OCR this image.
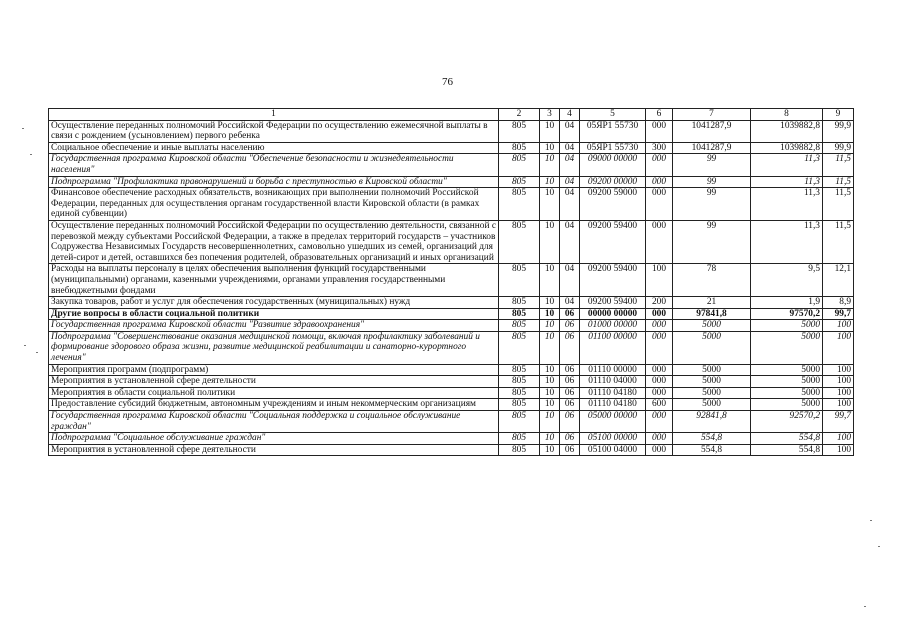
76
1	2	3	4	5	6	7	8	9
Осуществление переданных полномочий Российской Федерации по осуществлению ежемесячной выплаты в связи с рождением (усыновлением) первого ребенка	805	10	04	05ЯР1 55730	000	1041287,9	1039882,8	99,9
Социальное обеспечение и иные выплаты населению	805	10	04	05ЯР1 55730	300	1041287,9	1039882,8	99,9
Государственная программа Кировской области "Обеспечение безопасности и жизнедеятельности населения"	805	10	04	09000 00000	000	99	11,3	11,5
Подпрограмма "Профилактика правонарушений и борьба с преступностью в Кировской области"	805	10	04	09200 00000	000	99	11,3	11,5
Финансовое обеспечение расходных обязательств, возникающих при выполнении полномочий Российской Федерации, переданных для осуществления органам государственной власти Кировской области (в рамках единой субвенции)	805	10	04	09200 59000	000	99	11,3	11,5
Осуществление переданных полномочий Российской Федерации по осуществлению деятельности, связанной с перевозкой между субъектами Российской Федерации, а также в пределах территорий государств – участников Содружества Независимых Государств несовершеннолетних, самовольно ушедших из семей, организаций для детей-сирот и детей, оставшихся без попечения родителей, образовательных организаций и иных организаций	805	10	04	09200 59400	000	99	11,3	11,5
Расходы на выплаты персоналу в целях обеспечения выполнения функций государственными (муниципальными) органами, казенными учреждениями, органами управления государственными внебюджетными фондами	805	10	04	09200 59400	100	78	9,5	12,1
Закупка товаров, работ и услуг для обеспечения государственных (муниципальных) нужд	805	10	04	09200 59400	200	21	1,9	8,9
Другие вопросы в области социальной политики	805	10	06	00000 00000	000	97841,8	97570,2	99,7
Государственная программа Кировской области "Развитие здравоохранения"	805	10	06	01000 00000	000	5000	5000	100
Подпрограмма "Совершенствование оказания медицинской помощи, включая профилактику заболеваний и формирование здорового образа жизни, развитие медицинской реабилитации и санаторно-курортного лечения"	805	10	06	01100 00000	000	5000	5000	100
Мероприятия программ (подпрограмм)	805	10	06	01110 00000	000	5000	5000	100
Мероприятия в установленной сфере деятельности	805	10	06	01110 04000	000	5000	5000	100
Мероприятия в области социальной политики	805	10	06	01110 04180	000	5000	5000	100
Предоставление субсидий бюджетным, автономным учреждениям и иным некоммерческим организациям	805	10	06	01110 04180	600	5000	5000	100
Государственная программа Кировской области "Социальная поддержка и социальное обслуживание граждан"	805	10	06	05000 00000	000	92841,8	92570,2	99,7
Подпрограмма "Социальное обслуживание граждан"	805	10	06	05100 00000	000	554,8	554,8	100
Мероприятия в установленной сфере деятельности	805	10	06	05100 04000	000	554,8	554,8	100
